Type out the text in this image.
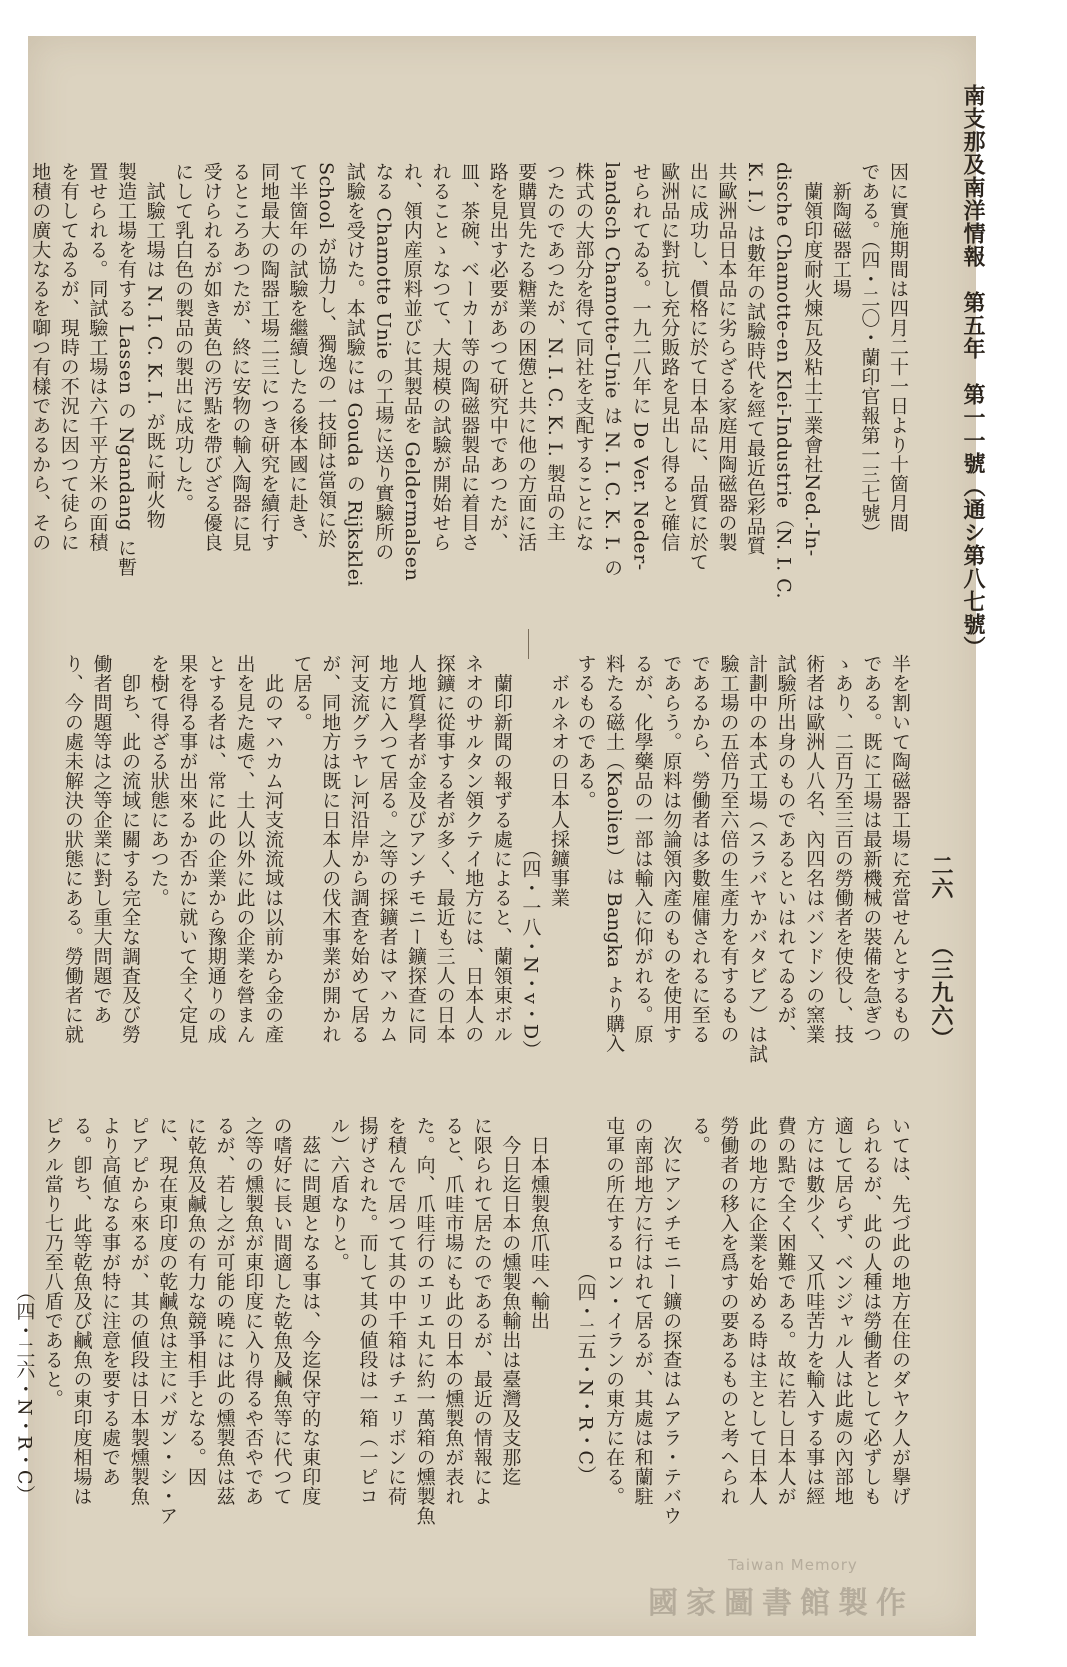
南支那及南洋情報　第五年　第一一號（通シ第八七號）
二六　　（三九六）
因に實施期間は四月二十一日より十箇月間
である。（四・二〇・蘭印官報第一三七號）
　新陶磁器工場
　蘭領印度耐火煉瓦及粘土工業會社Ned.-In-
dische Chamotte-en Klei-Industrie（N. I. C.
K. I.）は數年の試驗時代を經て最近色彩品質
共歐洲品日本品に劣らざる家庭用陶磁器の製
出に成功し、價格に於て日本品に、品質に於て
歐洲品に對抗し充分販路を見出し得ると確信
せられてゐる。一九二八年に De Ver. Neder-
landsch Chamotte-Unie は N. I. C. K. I. の
株式の大部分を得て同社を支配することにな
つたのであつたが、N. I. C. K. I. 製品の主
要購買先たる糖業の困憊と共に他の方面に活
路を見出す必要があつて研究中であつたが、
皿、茶碗、ベーカー等の陶磁器製品に着目さ
れることゝなつて、大規模の試驗が開始せら
れ、領内産原料並びに其製品を Geldermalsen
なる Chamotte Unie の工場に送り實驗所の
試驗を受けた。本試驗には Gouda の Rijksklei
School が協力し、獨逸の一技師は當領に於
て半箇年の試驗を繼續したる後本國に赴き、
同地最大の陶器工場二三につき研究を續行す
るところあつたが、終に安物の輸入陶器に見
受けられるが如き黃色の汚點を帶びざる優良
にして乳白色の製品の製出に成功した。
　試驗工場は N. I. C. K. I. が既に耐火物
製造工場を有する Lassen の Ngandang に暫
置せられる。同試驗工場は六千平方米の面積
を有してゐるが、現時の不況に因つて徒らに
地積の廣大なるを啣つ有樣であるから、その
半を割いて陶磁器工場に充當せんとするもの
である。既に工場は最新機械の裝備を急ぎつ
ゝあり、二百乃至三百の勞働者を使役し、技
術者は歐洲人八名、內四名はバンドンの窯業
試驗所出身のものであるといはれてゐるが、
計劃中の本式工場（スラバヤかバタビア）は試
驗工場の五倍乃至六倍の生產力を有するもの
であるから、勞働者は多數雇傭されるに至る
であらう。原料は勿論領內產のものを使用す
るが、化學藥品の一部は輸入に仰がれる。原
料たる磁土（Kaolien）は Bangka より購入
するものである。
　ボルネオの日本人採鑛事業
　　　　　　　　　　（四・一八・N・v・D）
　蘭印新聞の報ずる處によると、蘭領東ボル
ネオのサルタン領クテイ地方には、日本人の
探鑛に從事する者が多く、最近も三人の日本
人地質學者が金及びアンチモニー鑛探查に同
地方に入つて居る。之等の採鑛者はマハカム
河支流グラヤレ河沿岸から調査を始めて居る
が、同地方は既に日本人の伐木事業が開かれ
て居る。
　此のマハカム河支流流域は以前から金の產
出を見た處で、土人以外に此の企業を營まん
とする者は、常に此の企業から豫期通りの成
果を得る事が出來るか否かに就いて全く定見
を樹て得ざる狀態にあつた。
　卽ち、此の流域に關する完全な調査及び勞
働者問題等は之等企業に對し重大問題であ
り、今の處未解決の狀態にある。勞働者に就
いては、先づ此の地方在住のダヤク人が擧げ
られるが、此の人種は勞働者として必ずしも
適して居らず、ベンジャル人は此處の內部地
方には數少く、又爪哇苦力を輸入する事は經
費の點で全く困難である。故に若し日本人が
此の地方に企業を始める時は主として日本人
勞働者の移入を爲すの要あるものと考へられ
る。
　次にアンチモニー鑛の探查はムアラ・テバウ
の南部地方に行はれて居るが、其處は和蘭駐
屯軍の所在するロン・イランの東方に在る。
　　　　　　　　（四・二五・N・R・C）
　日本燻製魚爪哇へ輸出
　今日迄日本の燻製魚輸出は臺灣及支那迄
に限られて居たのであるが、最近の情報によ
ると、爪哇市場にも此の日本の燻製魚が表れ
た。向、爪哇行のエリエ丸に約一萬箱の燻製魚
を積んで居つて其の中千箱はチェリボンに荷
揚げされた。而して其の値段は一箱（一ピコ
ル）六盾なりと。
　茲に問題となる事は、今迄保守的な東印度
の嗜好に長い間適した乾魚及鹹魚等に代つて
之等の燻製魚が東印度に入り得るや否やであ
るが、若し之が可能の曉には此の燻製魚は茲
に乾魚及鹹魚の有力な競爭相手となる。因
に、現在東印度の乾鹹魚は主にバガン・シ・ア
ピアピから來るが、其の値段は日本製燻製魚
より高値なる事が特に注意を要する處であ
る。卽ち、此等乾魚及び鹹魚の東印度相場は
ピクル當り七乃至八盾であると。
　　　　　　　　　（四・二六・N・R・C）
Taiwan Memory
國家圖書館製作
